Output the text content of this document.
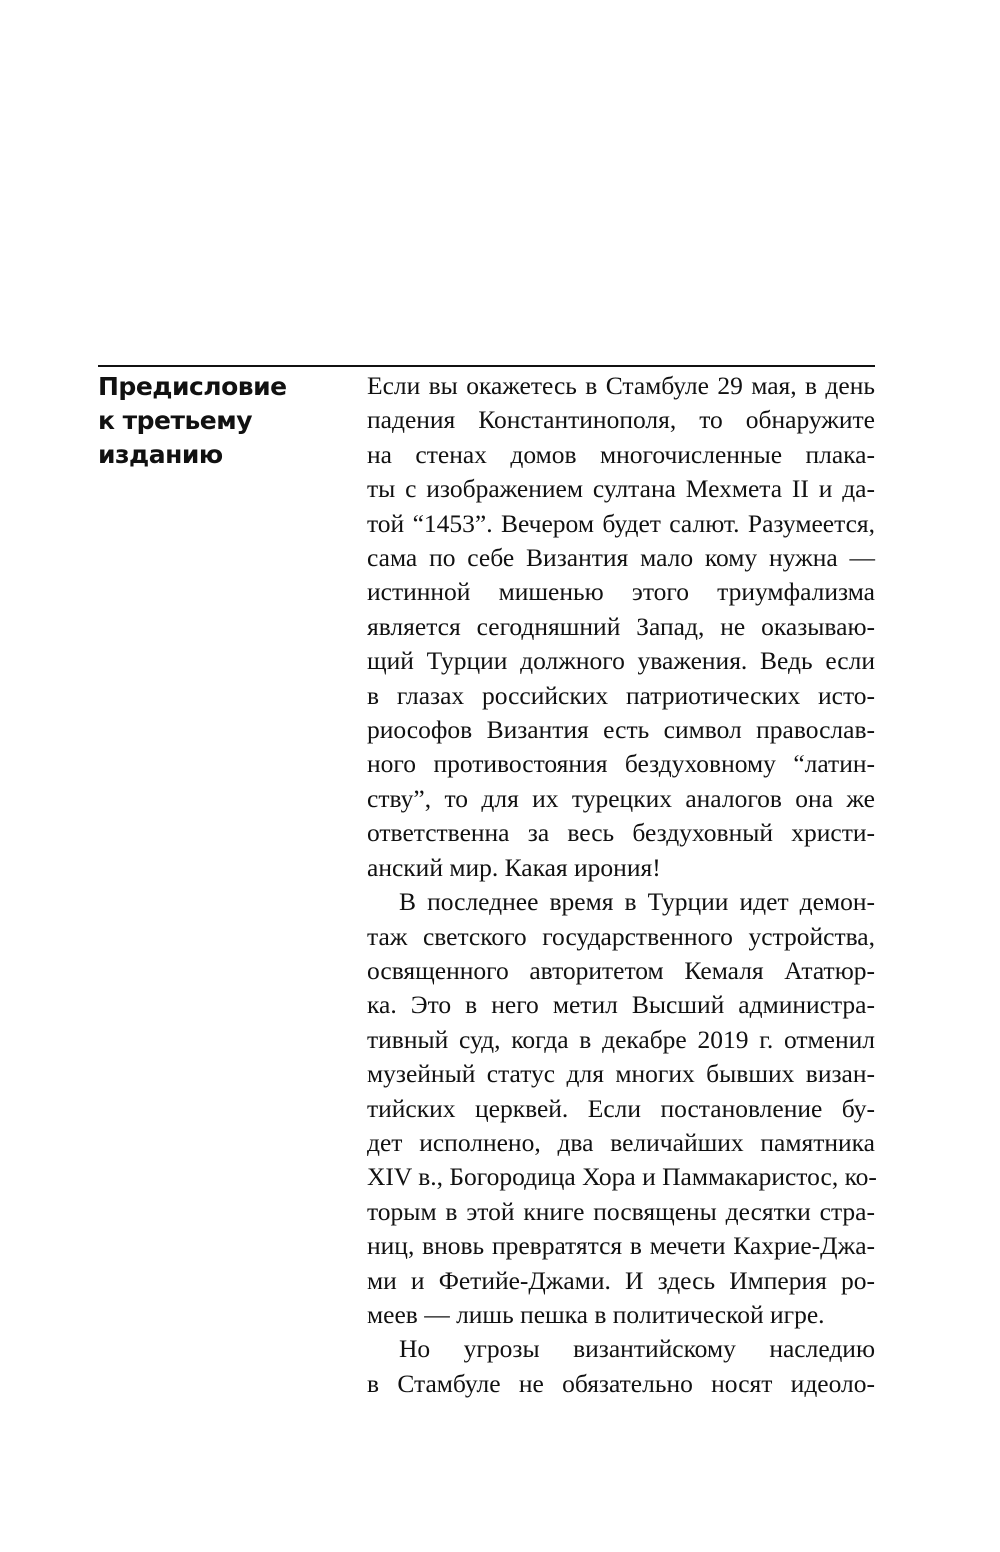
Предисловие
к третьему
изданию
Если вы окажетесь в Стамбуле 29 мая, в день
падения Константинополя, то обнаружите
на стенах домов многочисленные плака-
ты с изображением султана Мехмета II и да-
той “1453”. Вечером будет салют. Разумеется,
сама по себе Византия мало кому нужна —
истинной мишенью этого триумфализма
является сегодняшний Запад, не оказываю-
щий Турции должного уважения. Ведь если
в глазах российских патриотических исто-
риософов Византия есть символ православ-
ного противостояния бездуховному “латин-
ству”, то для их турецких аналогов она же
ответственна за весь бездуховный христи-
анский мир. Какая ирония!
В последнее время в Турции идет демон-
таж светского государственного устройства,
освященного авторитетом Кемаля Ататюр-
ка. Это в него метил Высший администра-
тивный суд, когда в декабре 2019 г. отменил
музейный статус для многих бывших визан-
тийских церквей. Если постановление бу-
дет исполнено, два величайших памятника
XIV в., Богородица Хора и Паммакаристос, ко-
торым в этой книге посвящены десятки стра-
ниц, вновь превратятся в мечети Кахрие-Джа-
ми и Фетийе-Джами. И здесь Империя ро-
меев — лишь пешка в политической игре.
Но угрозы византийскому наследию
в Стамбуле не обязательно носят идеоло-
